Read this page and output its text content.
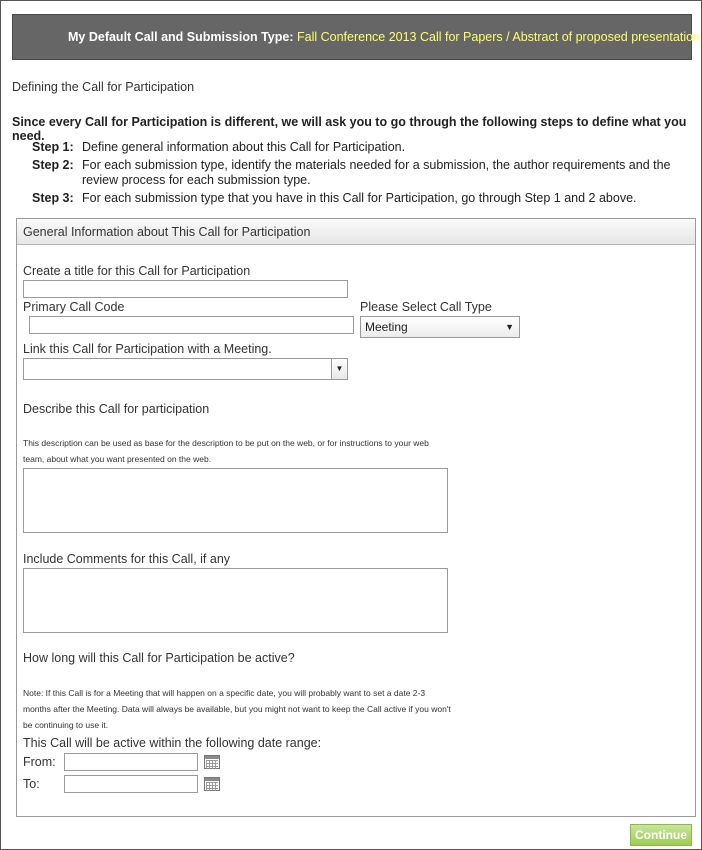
My Default Call and Submission Type: Fall Conference 2013 Call for Papers / Abstract of proposed presentation
Defining the Call for Participation
Since every Call for Participation is different, we will ask you to go through the following steps to define what you need.
Step 1: Define general information about this Call for Participation.
Step 2: For each submission type, identify the materials needed for a submission, the author requirements and the review process for each submission type.
Step 3: For each submission type that you have in this Call for Participation, go through Step 1 and 2 above.
General Information about This Call for Participation
Create a title for this Call for Participation
Primary Call Code	Please Select Call Type
Meeting	▼
Link this Call for Participation with a Meeting.
▼
Describe this Call for participation
This description can be used as base for the description to be put on the web, or for instructions to your web team, about what you want presented on the web.
Include Comments for this Call, if any
How long will this Call for Participation be active?
Note: If this Call is for a Meeting that will happen on a specific date, you will probably want to set a date 2-3 months after the Meeting. Data will always be available, but you might not want to keep the Call active if you won't be continuing to use it.
This Call will be active within the following date range:
From:
To:
Continue
